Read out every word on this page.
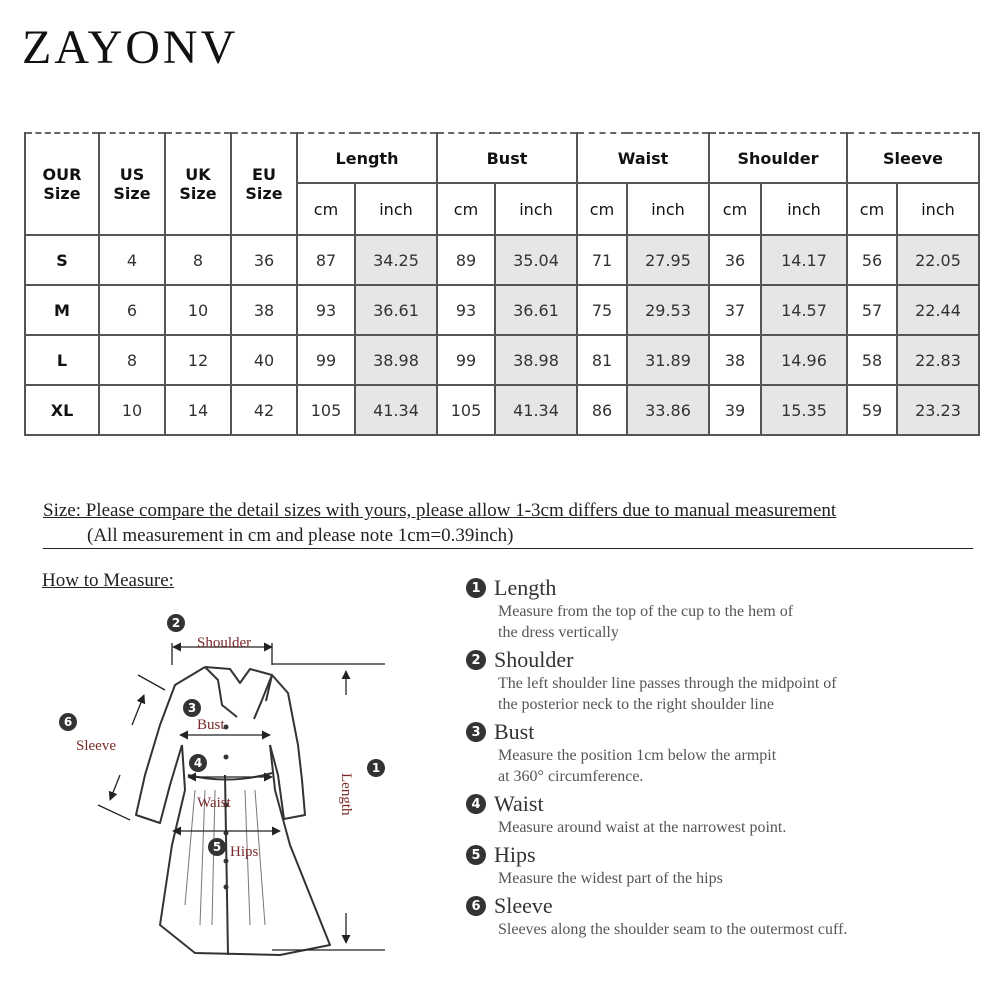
ZAYONV
OUR Size	US Size	UK Size	EU Size	Length		Bust		Waist		Shoulder		Sleeve	
				cm	inch	cm	inch	cm	inch	cm	inch	cm	inch
S	4	8	36	87	34.25	89	35.04	71	27.95	36	14.17	56	22.05
M	6	10	38	93	36.61	93	36.61	75	29.53	37	14.57	57	22.44
L	8	12	40	99	38.98	99	38.98	81	31.89	38	14.96	58	22.83
XL	10	14	42	105	41.34	105	41.34	86	33.86	39	15.35	59	23.23
Size: Please compare the detail sizes with yours, please allow 1-3cm differs due to manual measurement
(All measurement in cm and please note 1cm=0.39inch)
How to Measure:
2
3
4
5
6
1
Shoulder
Bust
Waist
Hips
Sleeve
Length
1 Length
Measure from the top of the cup to the hem of
the dress vertically
2 Shoulder
The left shoulder line passes through the midpoint of
the posterior neck to the right shoulder line
3 Bust
Measure the position 1cm below the armpit
at 360° circumference.
4 Waist
Measure around waist at the narrowest point.
5 Hips
Measure the widest part of the hips
6 Sleeve
Sleeves along the shoulder seam to the outermost cuff.
